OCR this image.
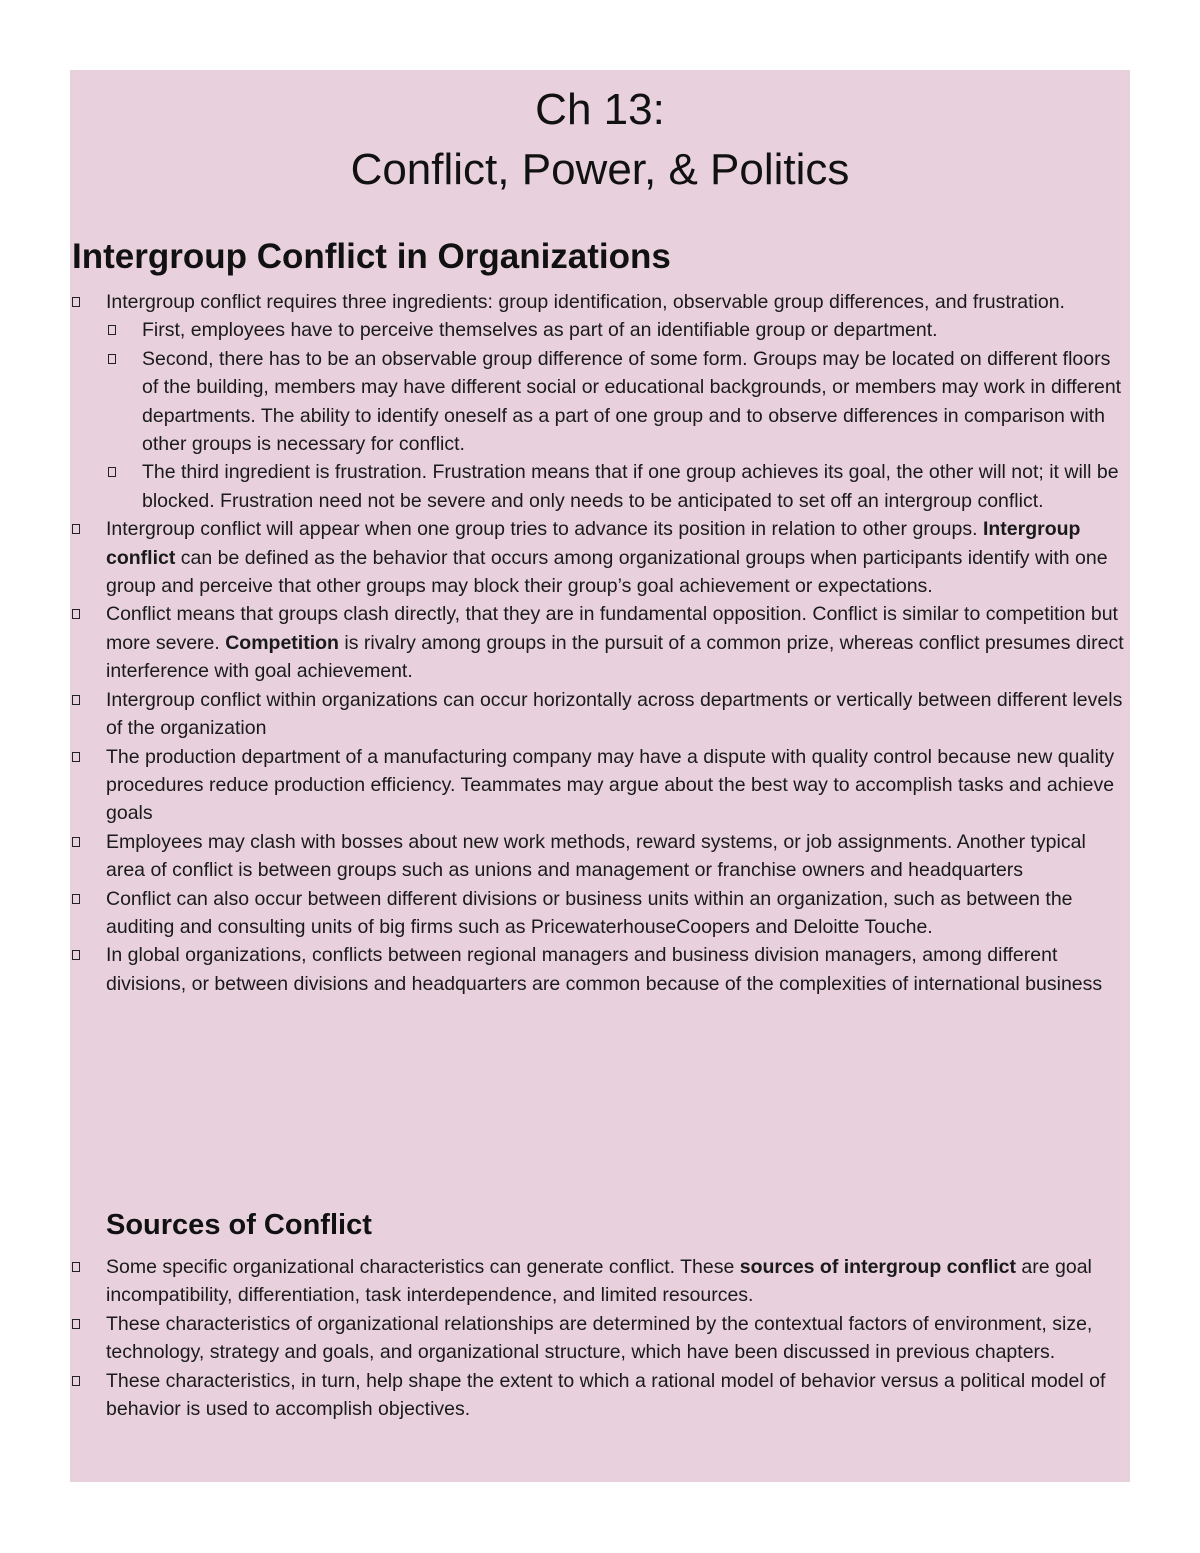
Ch 13:

Conflict, Power, & Politics

Intergroup Conflict in Organizations
Intergroup conflict requires three ingredients: group identification, observable group differences, and frustration.
First, employees have to perceive themselves as part of an identifiable group or department.
Second, there has to be an observable group difference of some form. Groups may be located on different floors of the building, members may have different social or educational backgrounds, or members may work in different departments. The ability to identify oneself as a part of one group and to observe differences in comparison with other groups is necessary for conflict.
The third ingredient is frustration. Frustration means that if one group achieves its goal, the other will not; it will be blocked. Frustration need not be severe and only needs to be anticipated to set off an intergroup conflict.
Intergroup conflict will appear when one group tries to advance its position in relation to other groups. Intergroup conflict can be defined as the behavior that occurs among organizational groups when participants identify with one group and perceive that other groups may block their group’s goal achievement or expectations.
Conflict means that groups clash directly, that they are in fundamental opposition. Conflict is similar to competition but more severe. Competition is rivalry among groups in the pursuit of a common prize, whereas conflict presumes direct interference with goal achievement.
Intergroup conflict within organizations can occur horizontally across departments or vertically between different levels of the organization
The production department of a manufacturing company may have a dispute with quality control because new quality procedures reduce production efficiency. Teammates may argue about the best way to accomplish tasks and achieve goals
Employees may clash with bosses about new work methods, reward systems, or job assignments. Another typical area of conflict is between groups such as unions and management or franchise owners and headquarters
Conflict can also occur between different divisions or business units within an organization, such as between the auditing and consulting units of big firms such as PricewaterhouseCoopers and Deloitte Touche.
In global organizations, conflicts between regional managers and business division managers, among different divisions, or between divisions and headquarters are common because of the complexities of international business
Sources of Conflict
Some specific organizational characteristics can generate conflict. These sources of intergroup conflict are goal incompatibility, differentiation, task interdependence, and limited resources.
These characteristics of organizational relationships are determined by the contextual factors of environment, size, technology, strategy and goals, and organizational structure, which have been discussed in previous chapters.
These characteristics, in turn, help shape the extent to which a rational model of behavior versus a political model of behavior is used to accomplish objectives.
